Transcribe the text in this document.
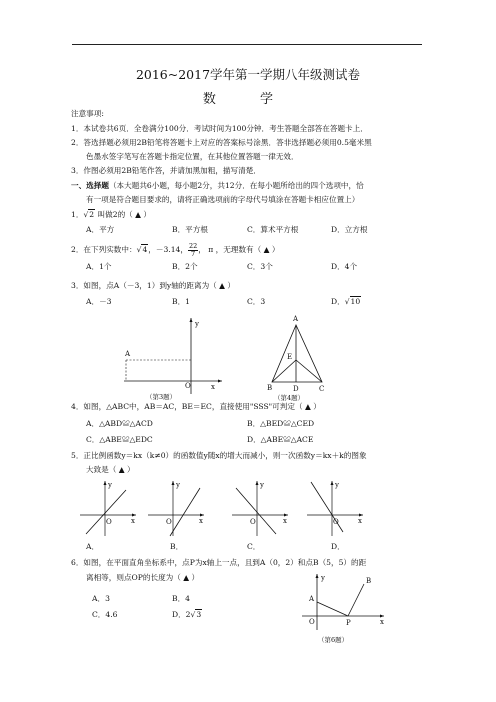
2016~2017学年第一学期八年级测试卷
数 学
注意事项:
1．本试卷共6页．全卷满分100分．考试时间为100分钟．考生答题全部答在答题卡上．
2．答选择题必须用2B铅笔将答题卡上对应的答案标号涂黑．答非选择题必须用0.5毫米黑
色墨水签字笔写在答题卡指定位置，在其他位置答题一律无效．
3．作图必须用2B铅笔作答，并请加黑加粗，描写清楚．
一、选择题（本大题共6小题，每小题2分，共12分．在每小题所给出的四个选项中，恰
有一项是符合题目要求的，请将正确选项前的字母代号填涂在答题卡相应位置上）
1．√2 叫做2的（ ▲ ）
A．平方	B．平方根	C．算术平方根	D．立方根
2．在下列实数中：√4，－3.14， $\frac{22}{7}$ ， π ，无理数有（ ▲ ）
A．1个	B．2个	C．3个	D．4个
3．如图，点A（－3，1）到y轴的距离为（ ▲ ）
A．－3	B．1	C．3	D．√10
y
x
O
A
（第3题）
A
E
B	D	C
（第4题）
4．如图，△ABC中，AB＝AC，BE＝EC，直接使用"SSS"可判定（ ▲ ）
A．△ABD≌△ACD	B．△BED≌△CED
C．△ABE≌△EDC	D．△ABE≌△ACE
5．正比例函数y＝kx（k≠0）的函数值y随x的增大而减小，则一次函数y＝kx＋k的图象
大致是（ ▲ ）
y
x
O
y
x
O
y
x
O
y
x
O
A．	B．	C．	D．
6．如图，在平面直角坐标系中，点P为x轴上一点，且到A（0，2）和点B（5，5）的距
离相等，则点OP的长度为（ ▲ ）
A．3	B．4
C．4.6	D．2√3
y
x
O
A
B
P
（第6题）
